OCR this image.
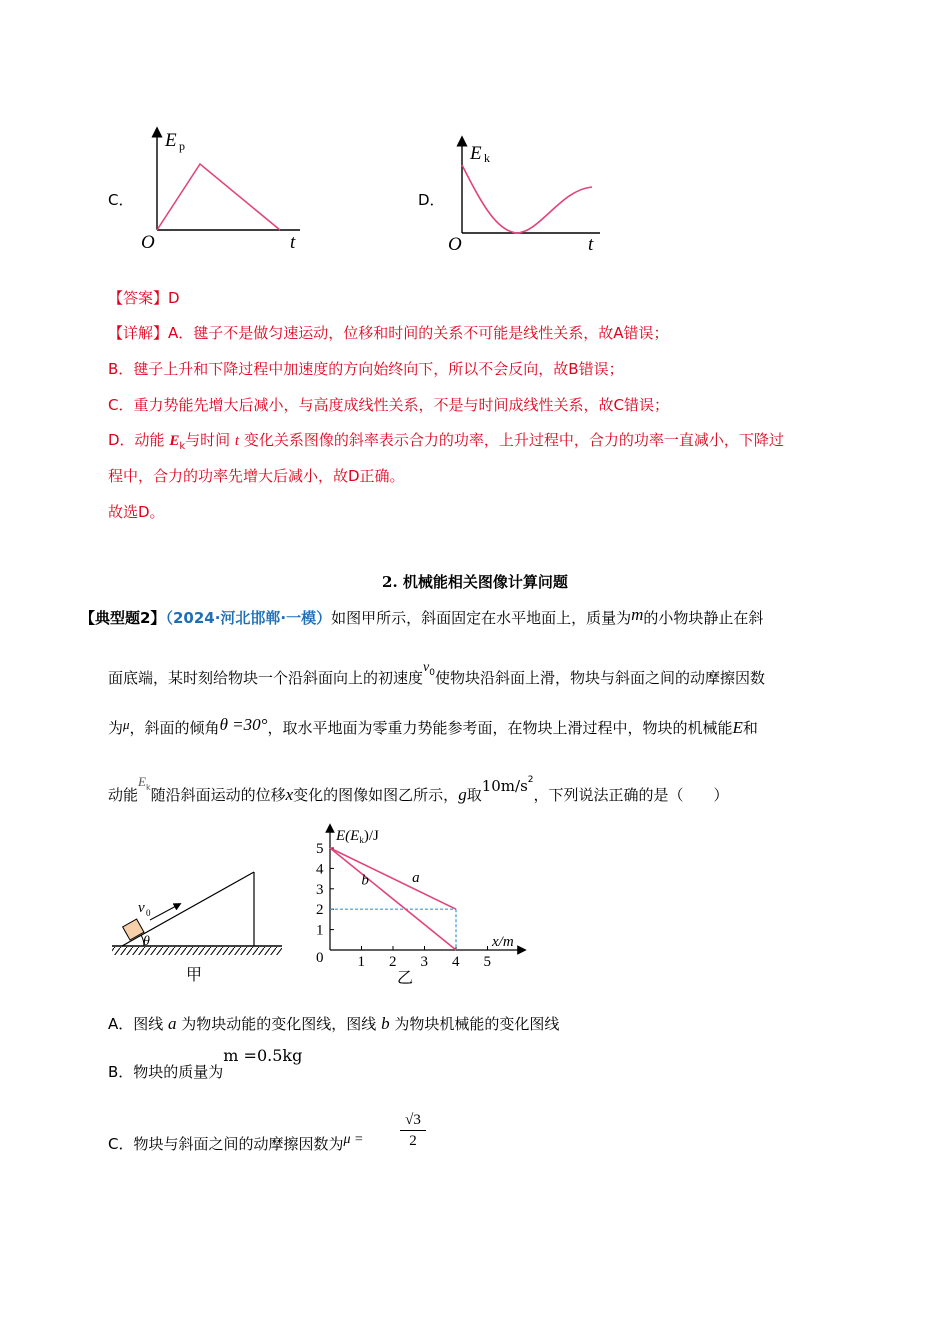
C．
E p
O	t
D．
E k
O	t
【答案】D
【详解】A．毽子不是做匀速运动，位移和时间的关系不可能是线性关系，故A错误；
B．毽子上升和下降过程中加速度的方向始终向下，所以不会反向，故B错误；
C．重力势能先增大后减小，与高度成线性关系，不是与时间成线性关系，故C错误；
D．动能 $E_k$与时间 t 变化关系图像的斜率表示合力的功率，上升过程中，合力的功率一直减小，下降过
程中，合力的功率先增大后减小，故D正确。
故选D。
2. 机械能相关图像计算问题
【典型题2】（2024·河北邯郸·一模）如图甲所示，斜面固定在水平地面上，质量为m的小物块静止在斜
面底端，某时刻给物块一个沿斜面向上的初速度$v_0$使物块沿斜面上滑，物块与斜面之间的动摩擦因数
为μ，斜面的倾角θ =30°，取水平地面为零重力势能参考面，在物块上滑过程中，物块的机械能E和
动能$E_k$随沿斜面运动的位移x变化的图像如图乙所示，g取$10m/s^2$，下列说法正确的是（　　）
v 0
θ
甲
$E(E_k)/J$
x/m
0 1 2 3 4 5
1
2
3
4
5
a
b
乙
A．图线 a 为物块动能的变化图线，图线 b 为物块机械能的变化图线
B．物块的质量为m =0.5kg
C．物块与斜面之间的动摩擦因数为$\mu = \frac{√3}{2}$
